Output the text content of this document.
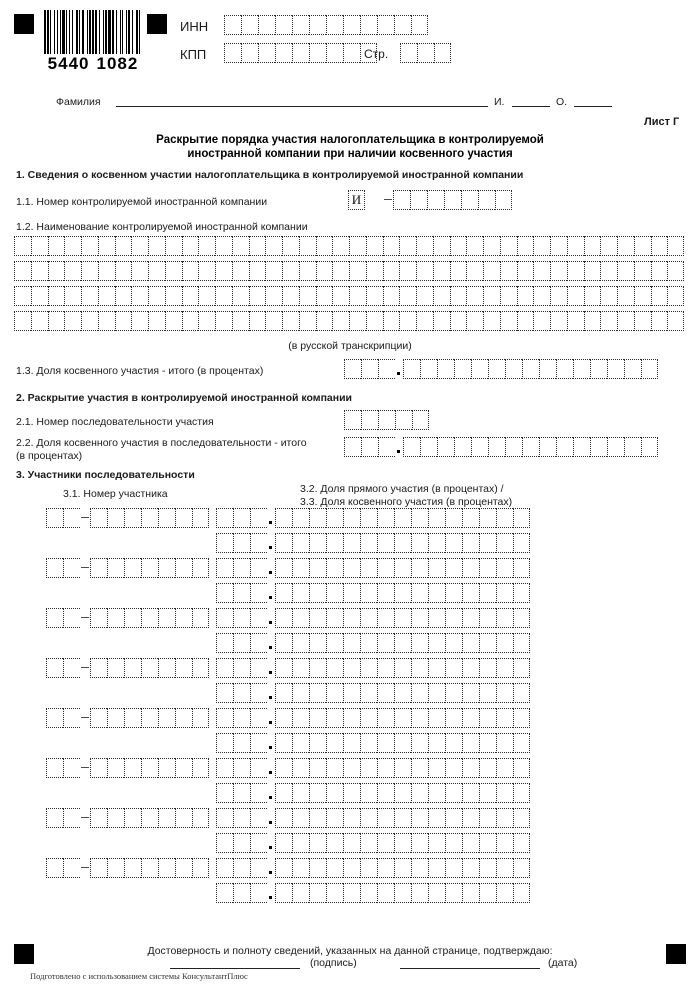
5440 1082
ИНН
КПП	Стр.
Фамилия	И.	О.
Лист Г
Раскрытие порядка участия налогоплательщика в контролируемой
иностранной компании при наличии косвенного участия
1. Сведения о косвенном участии налогоплательщика в контролируемой иностранной компании
1.1. Номер контролируемой иностранной компании	И
1.2. Наименование контролируемой иностранной компании
(в русской транскрипции)
1.3. Доля косвенного участия - итого (в процентах)
2. Раскрытие участия в контролируемой иностранной компании
2.1. Номер последовательности участия
2.2. Доля косвенного участия в последовательности - итого
(в процентах)
3. Участники последовательности
3.1. Номер участника	3.2. Доля прямого участия (в процентах) /
3.3. Доля косвенного участия (в процентах)
Достоверность и полноту сведений, указанных на данной странице, подтверждаю:
(подпись)	(дата)
Подготовлено с использованием системы КонсультантПлюс
